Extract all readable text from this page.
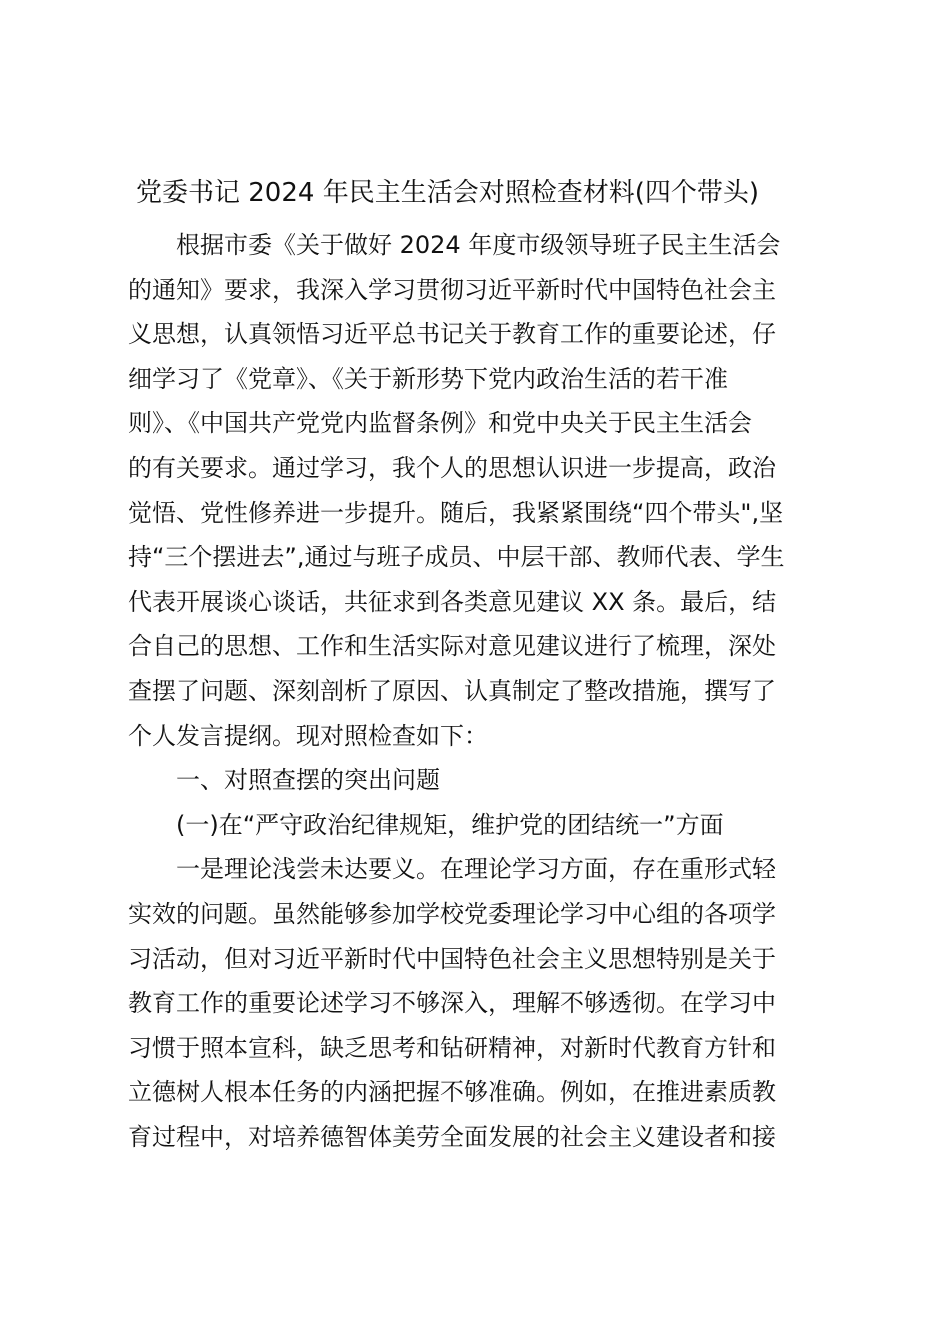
党委书记 2024 年民主生活会对照检查材料(四个带头)
根据市委《关于做好 2024 年度市级领导班子民主生活会
的通知》要求，我深入学习贯彻习近平新时代中国特色社会主
义思想，认真领悟习近平总书记关于教育工作的重要论述，仔
细学习了《党章》、《关于新形势下党内政治生活的若干准
则》、《中国共产党党内监督条例》和党中央关于民主生活会
的有关要求。通过学习，我个人的思想认识进一步提高，政治
觉悟、党性修养进一步提升。随后，我紧紧围绕“四个带头",坚
持“三个摆进去”,通过与班子成员、中层干部、教师代表、学生
代表开展谈心谈话，共征求到各类意见建议 XX 条。最后，结
合自己的思想、工作和生活实际对意见建议进行了梳理，深处
查摆了问题、深刻剖析了原因、认真制定了整改措施，撰写了
个人发言提纲。现对照检查如下：
一、对照查摆的突出问题
(一)在“严守政治纪律规矩，维护党的团结统一”方面
一是理论浅尝未达要义。在理论学习方面，存在重形式轻
实效的问题。虽然能够参加学校党委理论学习中心组的各项学
习活动，但对习近平新时代中国特色社会主义思想特别是关于
教育工作的重要论述学习不够深入，理解不够透彻。在学习中
习惯于照本宣科，缺乏思考和钻研精神，对新时代教育方针和
立德树人根本任务的内涵把握不够准确。例如，在推进素质教
育过程中，对培养德智体美劳全面发展的社会主义建设者和接
